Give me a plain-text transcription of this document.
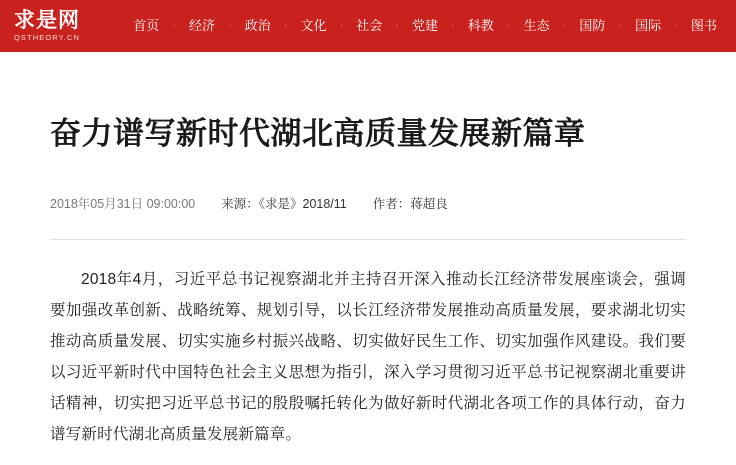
求是网
QSTHEORY.CN
首页	·	经济	·	政治	·	文化	·	社会	·	党建	·	科教	·	生态	·	国防	·	国际	·	图书
奋力谱写新时代湖北高质量发展新篇章
2018年05月31日 09:00:00 来源：《求是》2018/11 作者：蒋超良

2018年4月，习近平总书记视察湖北并主持召开深入推动长江经济带发展座谈会，强调要加强改革创新、战略统筹、规划引导，以长江经济带发展推动高质量发展，要求湖北切实推动高质量发展、切实实施乡村振兴战略、切实做好民生工作、切实加强作风建设。我们要以习近平新时代中国特色社会主义思想为指引，深入学习贯彻习近平总书记视察湖北重要讲话精神，切实把习近平总书记的殷殷嘱托转化为做好新时代湖北各项工作的具体行动，奋力谱写新时代湖北高质量发展新篇章。
